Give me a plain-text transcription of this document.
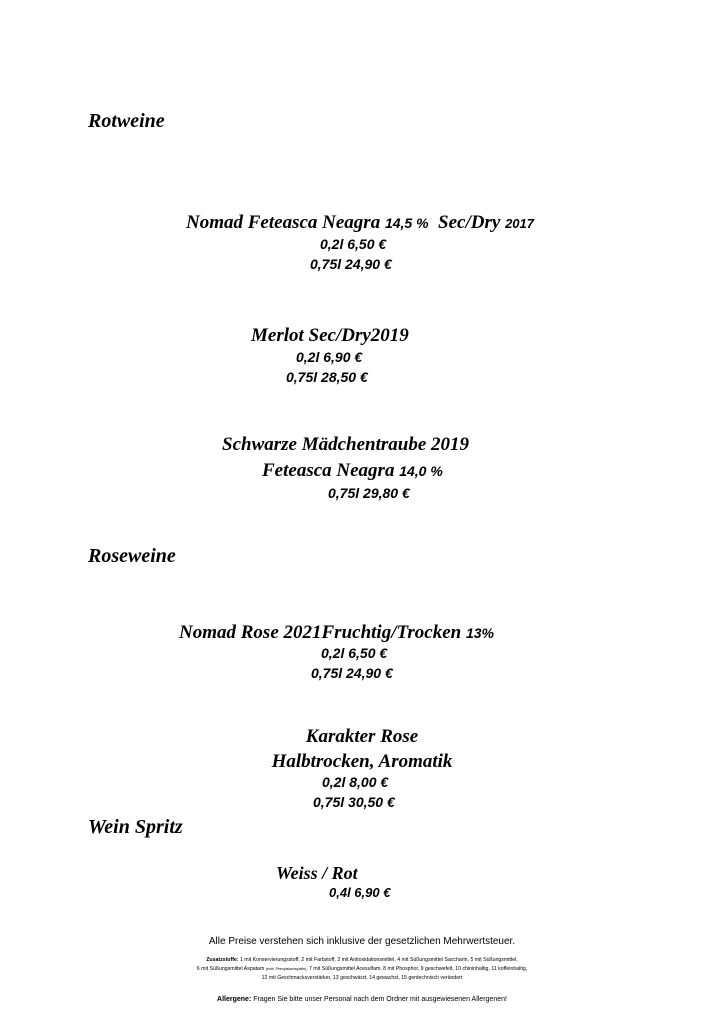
Rotweine
Nomad Feteasca Neagra 14,5 % Sec/Dry 2017
0,2l 6,50 €
0,75l 24,90 €
Merlot Sec/Dry2019
0,2l 6,90 €
0,75l 28,50 €
Schwarze Mädchentraube 2019
Feteasca Neagra 14,0 %
0,75l 29,80 €
Roseweine
Nomad Rose 2021Fruchtig/Trocken 13%
0,2l 6,50 €
0,75l 24,90 €
Karakter Rose
Halbtrocken, Aromatik
0,2l 8,00 €
0,75l 30,50 €
Wein Spritz
Weiss / Rot
0,4l 6,90 €
Alle Preise verstehen sich inklusive der gesetzlichen Mehrwertsteuer.
Zusatzstoffe: 1 mit Konservierungsstoff, 2 mit Farbstoff, 3 mit Antioxidationsmittel, 4 mit Süßungsmittel Saccharin, 5 mit Süßungsmittel,
6 mit Süßungsmittel Aspatam (enth. Phenylalaninquelle), 7 mit Süßungsmittel Acesulfam, 8 mit Phosphor, 9 geschwefelt, 10 chininhaltig, 11 koffeinhaltig,
12 mit Geschmacksverstärker, 13 geschwärzt, 14 gewachst, 15 gentechnisch verändert
Allergene: Fragen Sie bitte unser Personal nach dem Ordner mit ausgewiesenen Allergenen!
